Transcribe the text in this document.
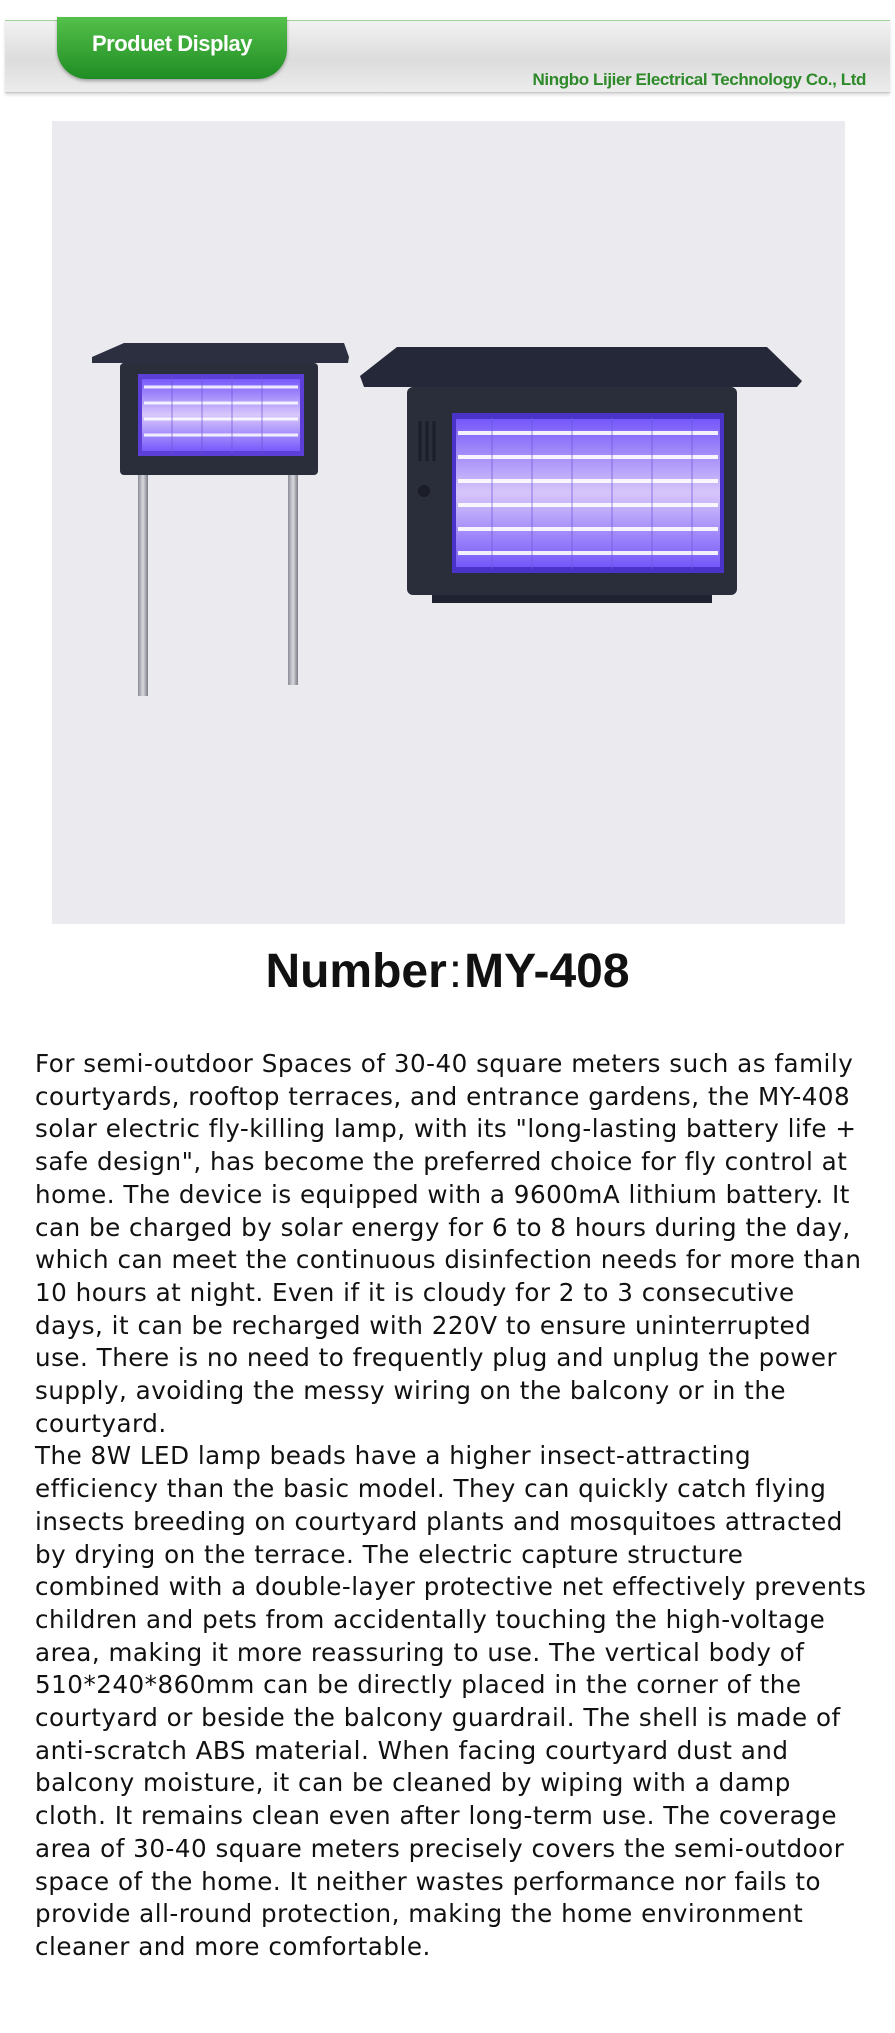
Ningbo Lijier Electrical Technology Co., Ltd
Produet Display
Number:MY-408

For semi-outdoor Spaces of 30-40 square meters such as family courtyards, rooftop terraces, and entrance gardens, the MY-408 solar electric fly-killing lamp, with its "long-lasting battery life + safe design", has become the preferred choice for fly control at home. The device is equipped with a 9600mA lithium battery. It can be charged by solar energy for 6 to 8 hours during the day, which can meet the continuous disinfection needs for more than 10 hours at night. Even if it is cloudy for 2 to 3 consecutive days, it can be recharged with 220V to ensure uninterrupted use. There is no need to frequently plug and unplug the power supply, avoiding the messy wiring on the balcony or in the courtyard.

The 8W LED lamp beads have a higher insect-attracting efficiency than the basic model. They can quickly catch flying insects breeding on courtyard plants and mosquitoes attracted by drying on the terrace. The electric capture structure combined with a double-layer protective net effectively prevents children and pets from accidentally touching the high-voltage area, making it more reassuring to use. The vertical body of 510*240*860mm can be directly placed in the corner of the courtyard or beside the balcony guardrail. The shell is made of anti-scratch ABS material. When facing courtyard dust and balcony moisture, it can be cleaned by wiping with a damp cloth. It remains clean even after long-term use. The coverage area of 30-40 square meters precisely covers the semi-outdoor space of the home. It neither wastes performance nor fails to provide all-round protection, making the home environment cleaner and more comfortable.
